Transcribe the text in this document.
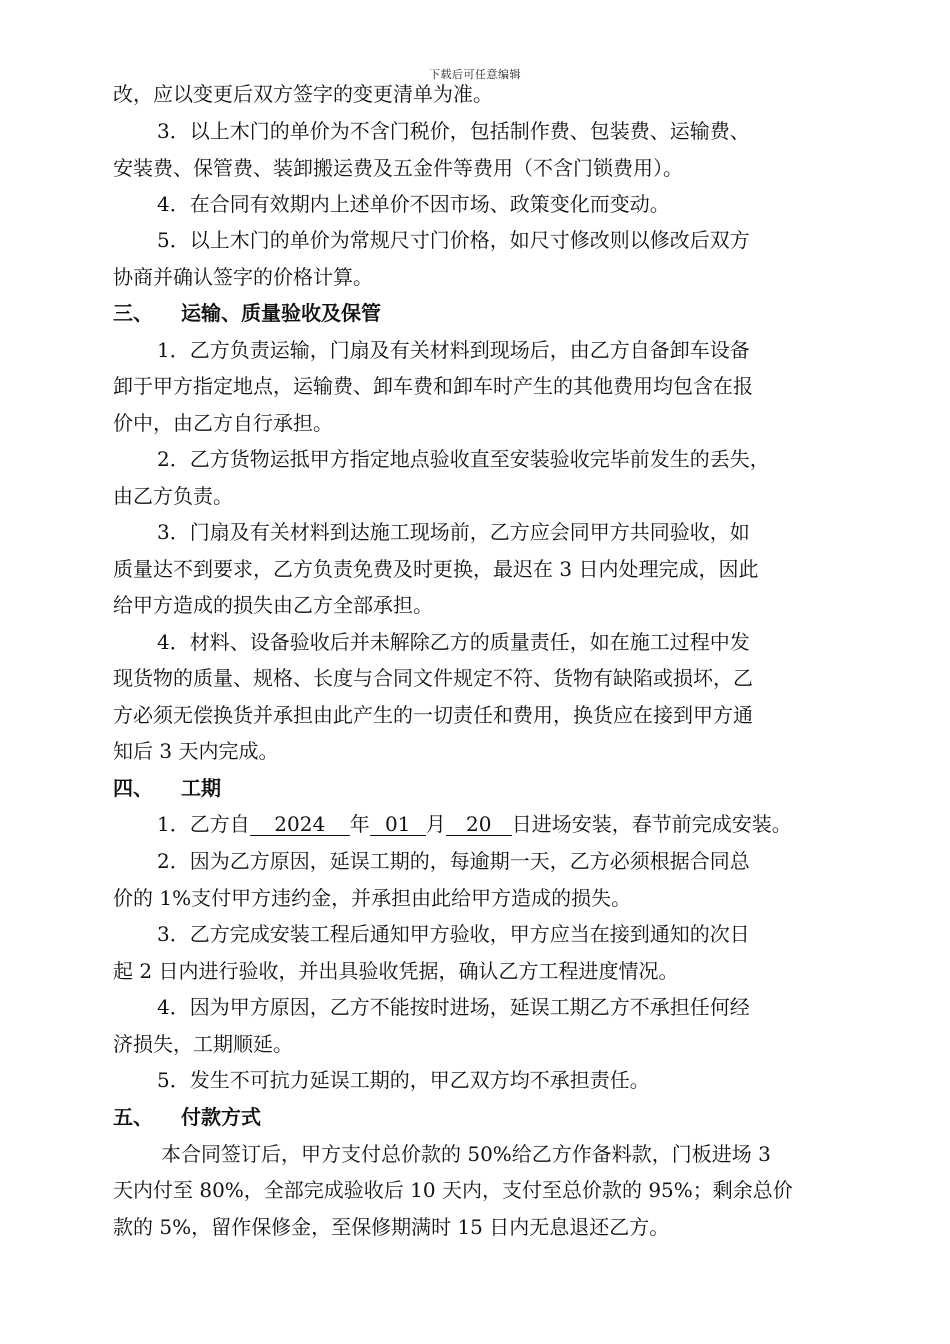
下载后可任意编辑
改，应以变更后双方签字的变更清单为准。
3．以上木门的单价为不含门税价，包括制作费、包装费、运输费、
安装费、保管费、装卸搬运费及五金件等费用（不含门锁费用）。
4．在合同有效期内上述单价不因市场、政策变化而变动。
5．以上木门的单价为常规尺寸门价格，如尺寸修改则以修改后双方
协商并确认签字的价格计算。
三、 运输、质量验收及保管
1．乙方负责运输，门扇及有关材料到现场后，由乙方自备卸车设备
卸于甲方指定地点，运输费、卸车费和卸车时产生的其他费用均包含在报
价中，由乙方自行承担。
2．乙方货物运抵甲方指定地点验收直至安装验收完毕前发生的丢失，
由乙方负责。
3．门扇及有关材料到达施工现场前，乙方应会同甲方共同验收，如
质量达不到要求，乙方负责免费及时更换，最迟在 3 日内处理完成，因此
给甲方造成的损失由乙方全部承担。
4．材料、设备验收后并未解除乙方的质量责任，如在施工过程中发
现货物的质量、规格、长度与合同文件规定不符、货物有缺陷或损坏，乙
方必须无偿换货并承担由此产生的一切责任和费用，换货应在接到甲方通
知后 3 天内完成。
四、 工期
1．乙方自 2024 年 01 月 20 日进场安装，春节前完成安装。
2．因为乙方原因，延误工期的，每逾期一天，乙方必须根据合同总
价的 1%支付甲方违约金，并承担由此给甲方造成的损失。
3．乙方完成安装工程后通知甲方验收，甲方应当在接到通知的次日
起 2 日内进行验收，并出具验收凭据，确认乙方工程进度情况。
4．因为甲方原因，乙方不能按时进场，延误工期乙方不承担任何经
济损失，工期顺延。
5．发生不可抗力延误工期的，甲乙双方均不承担责任。
五、 付款方式
本合同签订后，甲方支付总价款的 50%给乙方作备料款，门板进场 3
天内付至 80%，全部完成验收后 10 天内，支付至总价款的 95%；剩余总价
款的 5%，留作保修金，至保修期满时 15 日内无息退还乙方。
